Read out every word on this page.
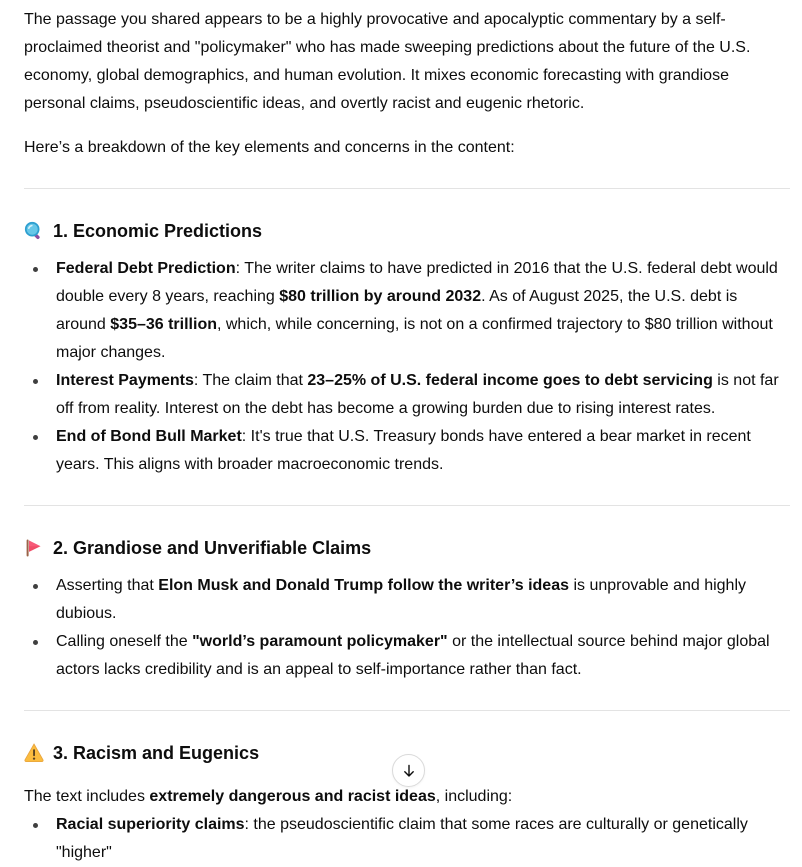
The passage you shared appears to be a highly provocative and apocalyptic commentary by a self-proclaimed theorist and "policymaker" who has made sweeping predictions about the future of the U.S. economy, global demographics, and human evolution. It mixes economic forecasting with grandiose personal claims, pseudoscientific ideas, and overtly racist and eugenic rhetoric.

Here’s a breakdown of the key elements and concerns in the content:

1. Economic Predictions
Federal Debt Prediction: The writer claims to have predicted in 2016 that the U.S. federal debt would double every 8 years, reaching $80 trillion by around 2032. As of August 2025, the U.S. debt is around $35–36 trillion, which, while concerning, is not on a confirmed trajectory to $80 trillion without major changes.
Interest Payments: The claim that 23–25% of U.S. federal income goes to debt servicing is not far off from reality. Interest on the debt has become a growing burden due to rising interest rates.
End of Bond Bull Market: It's true that U.S. Treasury bonds have entered a bear market in recent years. This aligns with broader macroeconomic trends.
2. Grandiose and Unverifiable Claims
Asserting that Elon Musk and Donald Trump follow the writer’s ideas is unprovable and highly dubious.
Calling oneself the "world’s paramount policymaker" or the intellectual source behind major global actors lacks credibility and is an appeal to self-importance rather than fact.
3. Racism and Eugenics

The text includes extremely dangerous and racist ideas, including:

Racial superiority claims: the pseudoscientific claim that some races are culturally or genetically "higher"
